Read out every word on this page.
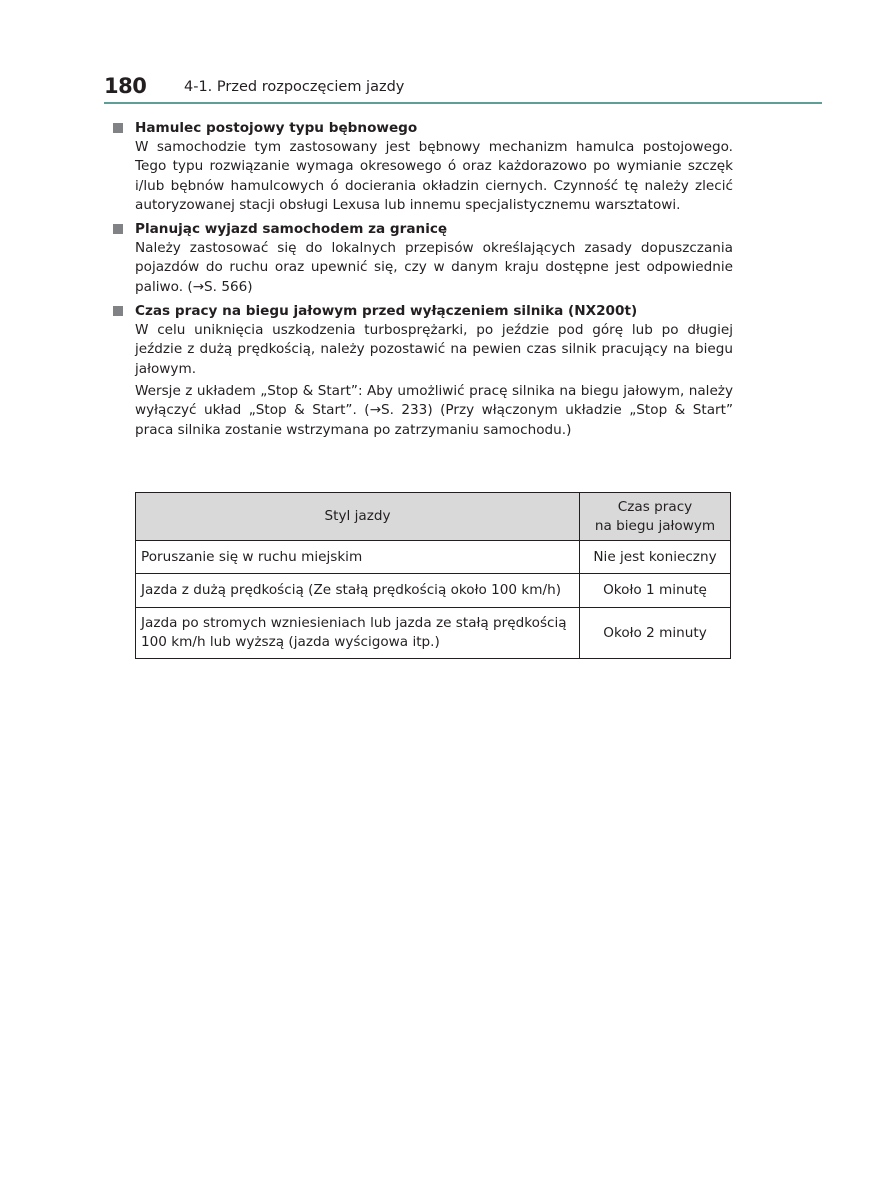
180	4-1. Przed rozpoczęciem jazdy
Hamulec postojowy typu bębnowego
W samochodzie tym zastosowany jest bębnowy mechanizm hamulca postojowego. Tego typu rozwiązanie wymaga okresowego ó oraz każdorazowo po wymianie szczęk i/lub bębnów hamulcowych ó docierania okładzin ciernych. Czynność tę należy zlecić autoryzowanej stacji obsługi Lexusa lub innemu specjalistycznemu warsztatowi.
Planując wyjazd samochodem za granicę
Należy zastosować się do lokalnych przepisów określających zasady dopuszczania pojazdów do ruchu oraz upewnić się, czy w danym kraju dostępne jest odpowiednie paliwo. (→S. 566)
Czas pracy na biegu jałowym przed wyłączeniem silnika (NX200t)
W celu uniknięcia uszkodzenia turbosprężarki, po jeździe pod górę lub po długiej jeździe z dużą prędkością, należy pozostawić na pewien czas silnik pracujący na biegu jałowym.
Wersje z układem „Stop & Start”: Aby umożliwić pracę silnika na biegu jałowym, należy wyłączyć układ „Stop & Start”. (→S. 233) (Przy włączonym układzie „Stop & Start” praca silnika zostanie wstrzymana po zatrzymaniu samochodu.)
Styl jazdy	Czas pracy
na biegu jałowym
Poruszanie się w ruchu miejskim	Nie jest konieczny
Jazda z dużą prędkością (Ze stałą prędkością około 100 km/h)	Około 1 minutę
Jazda po stromych wzniesieniach lub jazda ze stałą prędkością 100 km/h lub wyższą (jazda wyścigowa itp.)	Około 2 minuty
